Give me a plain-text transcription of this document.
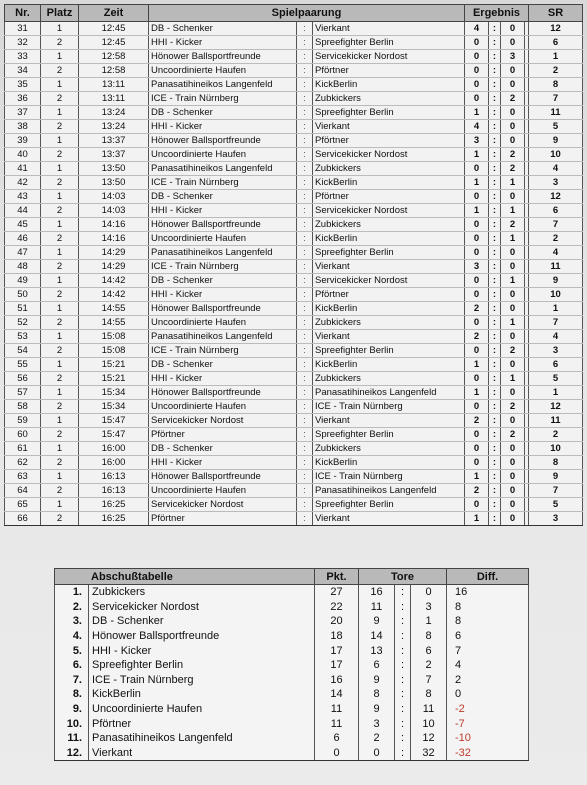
Nr.	Platz	Zeit	Spielpaarung			Ergebnis				SR
31	1	12:45	DB - Schenker	:	Vierkant	4	:	0		12
32	2	12:45	HHI - Kicker	:	Spreefighter Berlin	0	:	0		6
33	1	12:58	Hönower Ballsportfreunde	:	Servicekicker Nordost	0	:	3		1
34	2	12:58	Uncoordinierte Haufen	:	Pförtner	0	:	0		2
35	1	13:11	Panasatihineikos Langenfeld	:	KickBerlin	0	:	0		8
36	2	13:11	ICE - Train Nürnberg	:	Zubkickers	0	:	2		7
37	1	13:24	DB - Schenker	:	Spreefighter Berlin	1	:	0		11
38	2	13:24	HHI - Kicker	:	Vierkant	4	:	0		5
39	1	13:37	Hönower Ballsportfreunde	:	Pförtner	3	:	0		9
40	2	13:37	Uncoordinierte Haufen	:	Servicekicker Nordost	1	:	2		10
41	1	13:50	Panasatihineikos Langenfeld	:	Zubkickers	0	:	2		4
42	2	13:50	ICE - Train Nürnberg	:	KickBerlin	1	:	1		3
43	1	14:03	DB - Schenker	:	Pförtner	0	:	0		12
44	2	14:03	HHI - Kicker	:	Servicekicker Nordost	1	:	1		6
45	1	14:16	Hönower Ballsportfreunde	:	Zubkickers	0	:	2		7
46	2	14:16	Uncoordinierte Haufen	:	KickBerlin	0	:	1		2
47	1	14:29	Panasatihineikos Langenfeld	:	Spreefighter Berlin	0	:	0		4
48	2	14:29	ICE - Train Nürnberg	:	Vierkant	3	:	0		11
49	1	14:42	DB - Schenker	:	Servicekicker Nordost	0	:	1		9
50	2	14:42	HHI - Kicker	:	Pförtner	0	:	0		10
51	1	14:55	Hönower Ballsportfreunde	:	KickBerlin	2	:	0		1
52	2	14:55	Uncoordinierte Haufen	:	Zubkickers	0	:	1		7
53	1	15:08	Panasatihineikos Langenfeld	:	Vierkant	2	:	0		4
54	2	15:08	ICE - Train Nürnberg	:	Spreefighter Berlin	0	:	2		3
55	1	15:21	DB - Schenker	:	KickBerlin	1	:	0		6
56	2	15:21	HHI - Kicker	:	Zubkickers	0	:	1		5
57	1	15:34	Hönower Ballsportfreunde	:	Panasatihineikos Langenfeld	1	:	0		1
58	2	15:34	Uncoordinierte Haufen	:	ICE - Train Nürnberg	0	:	2		12
59	1	15:47	Servicekicker Nordost	:	Vierkant	2	:	0		11
60	2	15:47	Pförtner	:	Spreefighter Berlin	0	:	2		2
61	1	16:00	DB - Schenker	:	Zubkickers	0	:	0		10
62	2	16:00	HHI - Kicker	:	KickBerlin	0	:	0		8
63	1	16:13	Hönower Ballsportfreunde	:	ICE - Train Nürnberg	1	:	0		9
64	2	16:13	Uncoordinierte Haufen	:	Panasatihineikos Langenfeld	2	:	0		7
65	1	16:25	Servicekicker Nordost	:	Spreefighter Berlin	0	:	0		5
66	2	16:25	Pförtner	:	Vierkant	1	:	0		3
Abschußtabelle		Pkt.	Tore			Diff.
1.	Zubkickers	27	16	:	0	16
2.	Servicekicker Nordost	22	11	:	3	8
3.	DB - Schenker	20	9	:	1	8
4.	Hönower Ballsportfreunde	18	14	:	8	6
5.	HHI - Kicker	17	13	:	6	7
6.	Spreefighter Berlin	17	6	:	2	4
7.	ICE - Train Nürnberg	16	9	:	7	2
8.	KickBerlin	14	8	:	8	0
9.	Uncoordinierte Haufen	11	9	:	11	-2
10.	Pförtner	11	3	:	10	-7
11.	Panasatihineikos Langenfeld	6	2	:	12	-10
12.	Vierkant	0	0	:	32	-32
